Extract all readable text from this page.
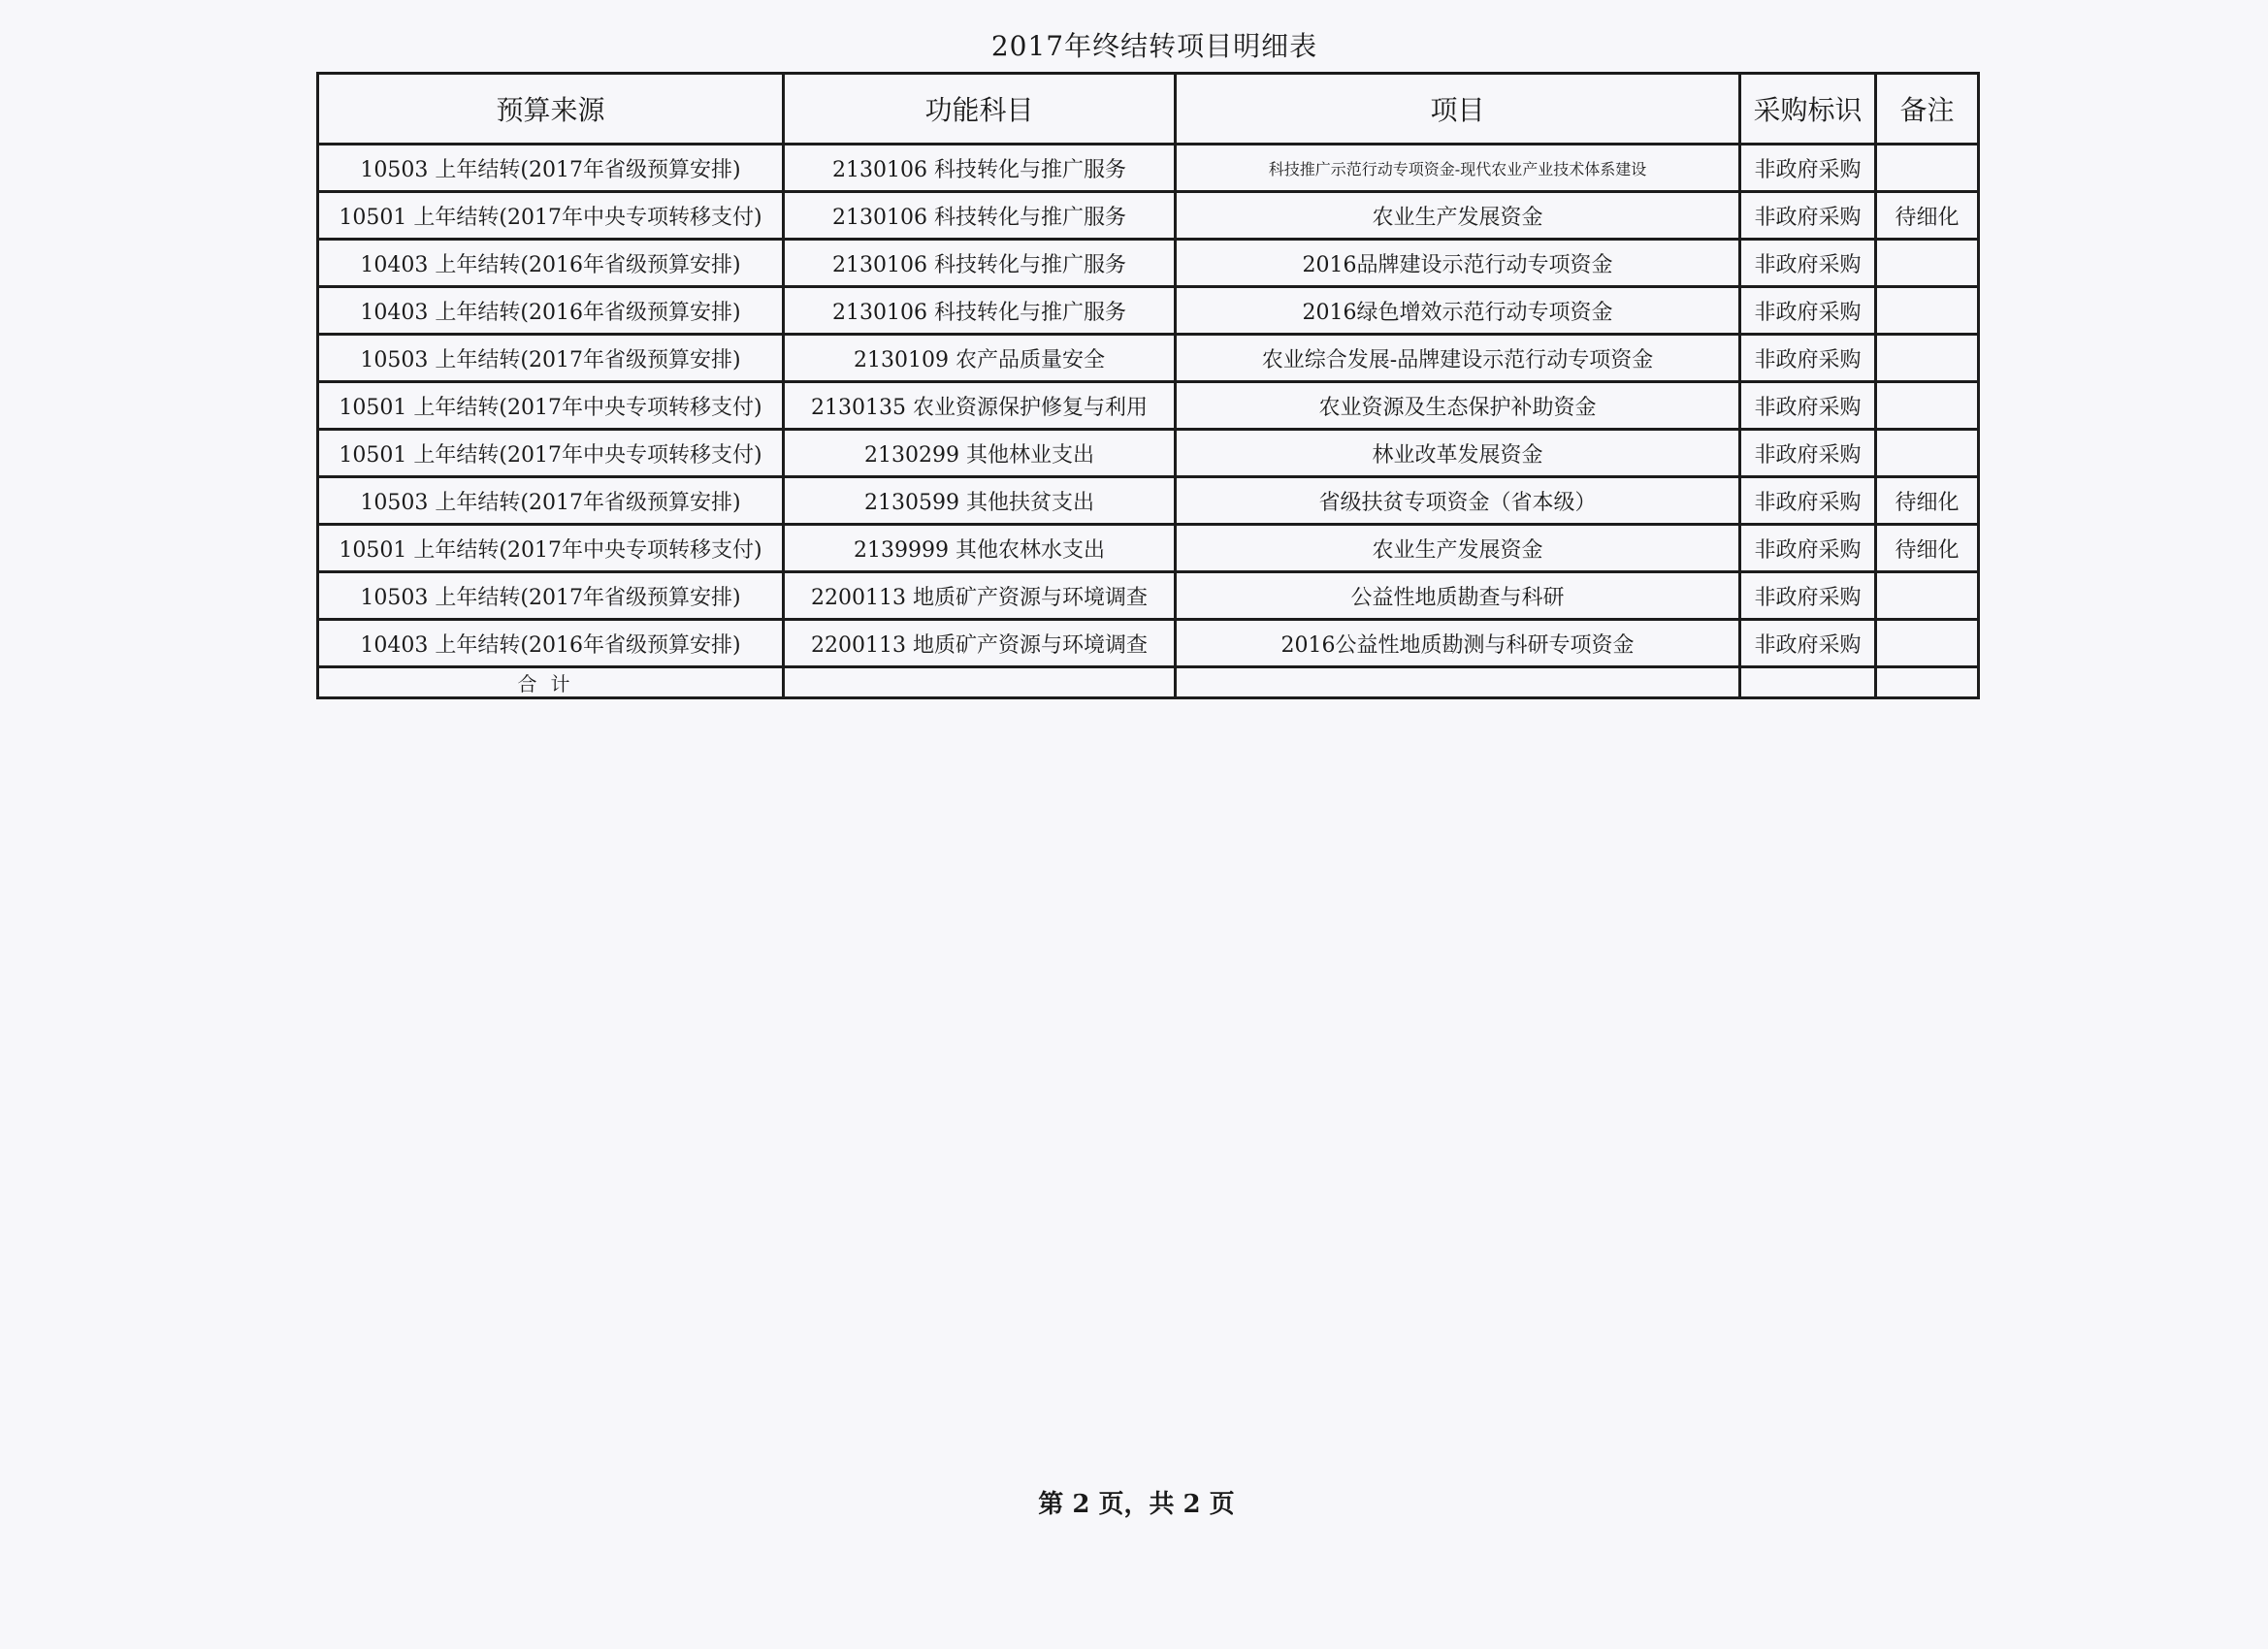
2017年终结转项目明细表
预算来源	功能科目	项目	采购标识	备注
10503 上年结转(2017年省级预算安排)	2130106 科技转化与推广服务	科技推广示范行动专项资金-现代农业产业技术体系建设	非政府采购	
10501 上年结转(2017年中央专项转移支付)	2130106 科技转化与推广服务	农业生产发展资金	非政府采购	待细化
10403 上年结转(2016年省级预算安排)	2130106 科技转化与推广服务	2016品牌建设示范行动专项资金	非政府采购	
10403 上年结转(2016年省级预算安排)	2130106 科技转化与推广服务	2016绿色增效示范行动专项资金	非政府采购	
10503 上年结转(2017年省级预算安排)	2130109 农产品质量安全	农业综合发展-品牌建设示范行动专项资金	非政府采购	
10501 上年结转(2017年中央专项转移支付)	2130135 农业资源保护修复与利用	农业资源及生态保护补助资金	非政府采购	
10501 上年结转(2017年中央专项转移支付)	2130299 其他林业支出	林业改革发展资金	非政府采购	
10503 上年结转(2017年省级预算安排)	2130599 其他扶贫支出	省级扶贫专项资金（省本级）	非政府采购	待细化
10501 上年结转(2017年中央专项转移支付)	2139999 其他农林水支出	农业生产发展资金	非政府采购	待细化
10503 上年结转(2017年省级预算安排)	2200113 地质矿产资源与环境调查	公益性地质勘查与科研	非政府采购	
10403 上年结转(2016年省级预算安排)	2200113 地质矿产资源与环境调查	2016公益性地质勘测与科研专项资金	非政府采购	
合计				
第 2 页，共 2 页
